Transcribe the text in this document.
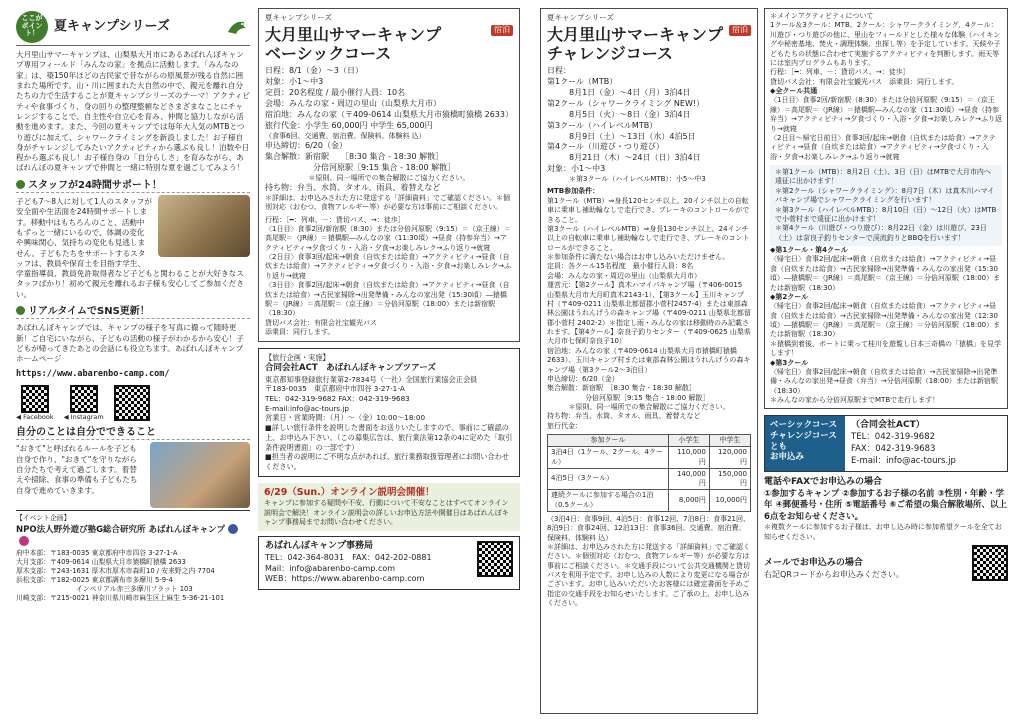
ここが
ポイント！	夏キャンプシリーズ
大月里山サマーキャンプは、山梨県大月市にあるあばれんぼキャンプ専用フィールド「みんなの家」を拠点に活動します。「みんなの家」は、築150年ほどの古民家で昔ながらの原風景が残る自然に囲まれた場所です。山・川に囲まれた大自然の中で、親元を離れ自分たちの力で生活することが夏キャンプシリーズのテーマ！アクティビティや食事づくり、身の回りの整理整頓などさまざまなことにチャレンジすることで、自主性や自立心を育み、仲間と協力しながら活動を進めます。また、今回の夏キャンプでは毎年大人気のMTBとつり遊びに加えて、シャワークライミングを新設しました！お子様自身がチャレンジしてみたいアクティビティから選ぶも良し！泊数や日程から選ぶも良し！お子様自身の「自分らしさ」を育みながら、あばれんぼの夏キャンプで仲間と一緒に特別な夏を過ごしてみよう！
スタッフが24時間サポート！
子ども7〜8人に対して1人のスタッフが安全面や生活面を24時間サポートします。移動中はもちろんのこと、活動中もずっと一緒にいるので、体調の変化や興味関心、気持ちの変化も見逃しません。子どもたちをサポートするスタッフは、教員や保育士を目指す学生、学童指導員、教員免許取得者など子どもと関わることが大好きなスタッフばかり！初めて親元を離れるお子様も安心してご参加ください。
リアルタイムでSNS更新！
あばれんぼキャンプでは、キャンプの様子を写真に撮って随時更新！ご自宅にいながら、子どもの活動の様子がわかるから安心！子どもが帰ってきたあとの会話にも役立ちます。あばれんぼキャンプホームページ
https://www.abarenbo-camp.com/
◀ Facebook ◀ Instagram
自分のことは自分でできること
"おきて"と呼ばれるルールを子ども自身で作り、"おきて"を守りながら自分たちで考えて過ごします。着替えや掃除、食事の準備も子どもたち自身で進めていきます。
【イベント企画】
NPO法人野外遊び塾G総合研究所 あばれんぼキャンプ
府中本部：〒183-0035 東京都府中市四谷 3-27-1-A
大月支部：〒409-0614 山梨県大月市猿橋町猿橋 2633
厚木支部：〒243-1631 厚木市厚木市森町10 / 安来野之内 7704
浜松支部：〒182-0025 東京都調布市多摩川 5-9-4
インペリアル赤三多摩川フラット 103
川崎支部：〒215-0021 神奈川県川崎市麻生区上麻生 5-36-21-101
夏キャンプシリーズ
大月里山サマーキャンプ
ベーシックコース
宿泊
日程：8/1（金）〜3（日）
対象：小1〜中3
定員：20名程度 / 最小催行人員：10名
会場：みんなの家・周辺の里山（山梨県大月市）
宿泊地：みんなの家（〒409-0614 山梨県大月市猿橋町猿橋 2633）
旅行代金：小学生 60,000円 中学生 65,000円
（食事6回、交通費、宿泊費、保険料、体験料 込）
申込締切：6/20（金）
集合解散：新宿駅　　［8:30 集合 - 18:30 解散］
分倍河原駅［9:15 集合 - 18:00 解散］
＊原則、同一場所での集合解散にご協力ください。
持ち物：弁当、水筒、タオル、雨具、着替えなど
＊詳細は、お申込みされた方に発送する「詳細資料」でご確認ください。＊個別対応（おむつ、食物アレルギー等）が必要な方は事前にご相談ください。
行程：［━：列車、－：貸切バス、→：徒歩］
〈1日目〉食事2回/新宿駅（8:30）または分倍河原駅（9:15）＝（京王線）＝高尾駅＝（JR線）＝猿橋駅―みんなの家（11:30頃）→昼食（持参弁当）→アクティビティ→夕食づくり・入浴・夕食→お楽しみレク→ふり返り→就寝
〈2日目〉食事3回/起床→朝食（自炊または給食）→アクティビティ→昼食（自炊または給食）→アクティビティ→夕食づくり・入浴・夕食→お楽しみレク→ふり返り→就寝
〈3日目〉食事2回/起床→朝食（自炊または給食）→アクティビティ→昼食（自炊または給食）→古民家掃除→出発準備・みんなの家出発（15:30頃）―猿橋駅＝（JR線）＝高尾駅＝（京王線）＝分倍河原駅（18:00）または新宿駅（18:30）
貸切バス会社：有限会社宝観光バス
添乗員：同行します。
【旅行企画・実施】
合同会社ACT　あばれんぼキャンプツアーズ
東京都知事登録旅行業第2-7834号（一社）全国旅行業協会正会員
〒183-0035　東京都府中市四谷 3-27-1-A
TEL：042-319-9682 FAX：042-319-9683
E-mail:info@ac-tours.jp
営業日・営業時間：（月）〜（金）10:00〜18:00
■詳しい旅行条件を説明した書面をお送りいたしますので、事前にご確認の上、お申込み下さい。（この募集広告は、旅行業法第12条の4に定めた「取引条件説明書面」の一部です）
■担当者の説明にご不明な点があれば、旅行業務取扱管理者にお問い合わせください。
6/29（Sun.）オンライン説明会開催！
キャンプに参加する疑問や不安、行動について不安なことはすべてオンライン説明会で解決！オンライン説明会の詳しいお申込方法や開催日はあばれんぼキャンプ事務局までお問い合わせください。
あばれんぼキャンプ事務局
TEL：042-364-8031　 FAX：042-202-0881
Mail：info@abarenbo-camp.com
WEB：https://www.abarenbo-camp.com
夏キャンプシリーズ
大月里山サマーキャンプ
チャレンジコース
宿泊
日程：
第1クール（MTB）
8月1日（金）〜4日（月）3泊4日
第2クール（シャワークライミング NEW!）
8月5日（火）〜8日（金）3泊4日
第3クール（ハイレベルMTB）
8月9日（土）〜13日（水）4泊5日
第4クール（川遊び・つり遊び）
8月21日（木）〜24日（日）3泊4日
対象：小1〜中3
＊第3クール（ハイレベルMTB）：小5〜中3
MTB参加条件：
第1クール（MTB）⇒身長120センチ以上。20インチ以上の自転車に乗車し補助輪なしで走行でき、ブレーキのコントロールができること。
第3クール（ハイレベルMTB）⇒身長130センチ以上。24インチ以上の自転車に乗車し補助輪なしで走行でき、ブレーキのコントロールができること。
＊参加条件に満たない場合はお申し込みいただけません。
定員：各クール15名程度　最小催行人員：8名
会場：みんなの家・周辺の里山（山梨県大月市）
運営元：【第2クール】真木ハマイパキャンプ場（〒406-0015 山梨県大月市大月町真木2143-1）、【第3クール】玉川キャンプ村（〒409-0211 山梨県北都留郡小菅村2457-4）または東部森林公園ほうれんげうの森キャンプ場（〒409-0211 山梨県北都留郡小菅村 2402-2）＊指定し雨・みんなの家は移動時のみ記載されます。【第4クール】奈良子釣りセンター（〒409-0625 山梨県大月市七保町奈良子10）
宿泊地：みんなの家（〒409-0614 山梨県大月市猿橋町猿橋 2633）、玉川キャンプ村または東部森林公園ほうれんげうの森キャンプ場（第3クール2〜3泊目）
申込締切：6/20（金）
集合解散：新宿駅　［8:30 集合 - 18:30 解散］
分倍河原駅［9:15 集合 - 18:00 解散］
＊原則、同一場所での集合解散にご協力ください。
持ち物：弁当、水筒、タオル、雨具、着替えなど
旅行代金：
参加クール	小学生	中学生
3泊4日（1クール、2クール、4クール）	110,000円	120,000円
4泊5日（3クール）	140,000円	150,000円
連続クールに参加する場合の1泊（0.5クール）	8,000円	10,000円
（3泊4日：食事9回、4泊5日：食事12回、7泊8日：食事21回、8泊9日：食事24回、12泊13日：食事36回、交通費、宿泊費、保険料、体験料 込）
＊詳細は、お申込みされた方に発送する「詳細資料」でご確認ください。＊個別対応（おむつ、食物アレルギー等）が必要な方は事前にご相談ください。＊交通手段について公共交通機関と貸切バスを利用予定です。お申し込みの人数により変更になる場合がございます。お申し込みいただいたお客様には確定書面を予めご指定の交通手段をお知らせいたします。ご了承の上、お申し込みください。
＊メインアクティビティについて
1クール＆3クール：MTB、2クール：シャワークライミング、4クール：川遊び・つり遊びの他に、里山をフィールドとした様々な体験（ハイキングや秘密基地、焚火・調理体験、虫探し等）を予定しています。天候や子どもたちの状態に合わせて実施するアクティビティを判断します。雨天等には室内プログラムもあります。
行程：［━：列車、－：貸切バス、→：徒歩］
貸切バス会社：有限会社宝観光バス　添乗員：同行します。
◆全クール共通
〈1日目〉食事2回/新宿駅（8:30）または分倍河原駅（9:15）＝（京王線）＝高尾駅＝（JR線）＝猿橋駅―みんなの家（11:30頃）→昼食（持参弁当）→アクティビティ→夕食づくり・入浴・夕食→お楽しみレク→ふり返り→就寝
〈2日目〜帰宅日前日〉食事3回/起床→朝食（自炊または給食）→アクティビティ→昼食（自炊または給食）→アクティビティ→夕食づくり・入浴・夕食→お楽しみレク→ふり返り→就寝
＊第1クール（MTB）：8月2日（土）、3日（日）はMTBで大月市内へ遠征に出かけます！
＊第2クール（シャワークライミング）：8月7日（木）は真木川ハマイパキャンプ場でシャワークライミングを行います！
＊第3クール（ハイレベルMTB）：8月10日（日）〜12日（火）はMTBで小菅村まで遠征に出かけます！
＊第4クール（川遊び・つり遊び）：8月22日（金）は川遊び、23日（土）は奈良子釣りセンターで渓流釣りとBBQを行います！
◆第1クール・第4クール
〈帰宅日〉食事2回/起床→朝食（自炊または給食）→アクティビティ→昼食（自炊または給食）→古民家掃除→出発準備・みんなの家出発（15:30頃）―猿橋駅＝（JR線）＝高尾駅＝（京王線）＝分倍河原駅（18:00）または新宿駅（18:30）
◆第2クール
〈帰宅日〉食事2回/起床→朝食（自炊または給食）→アクティビティ→昼食（自炊または給食）→古民家掃除→出発準備・みんなの家出発（12:30頃）―猿橋駅＝（JR線）＝高尾駅＝（京王線）＝分倍河原駅（18:00）または新宿駅（18:30）
＊猿橋到着後、ボートに乗って桂川を遊覧し日本三奇橋の「猿橋」を見学します！
◆第3クール
〈帰宅日〉食事2回/起床→朝食（自炊または給食）→古民家掃除→出発準備・みんなの家出発→昼食（弁当）→分倍河原駅（18:00）または新宿駅（18:30）
＊みんなの家から分倍河原駅までMTBで走行します！
ベーシックコース
チャレンジコース
とも
お申込み
（合同会社ACT）
TEL：042-319-9682
FAX：042-319-9683
E-mail：info@ac-tours.jp
電話やFAXでお申込みの場合
①参加するキャンプ ②参加するお子様の名前 ③性別・年齢・学年 ④郵便番号・住所 ⑤電話番号 ⑥ご希望の集合解散場所、以上6点をお知らせください。
＊複数クールに参加するお子様は、お申し込み時に参加希望クールを全てお知らせください。
メールでお申込みの場合
右記QRコードからお申込みください。
